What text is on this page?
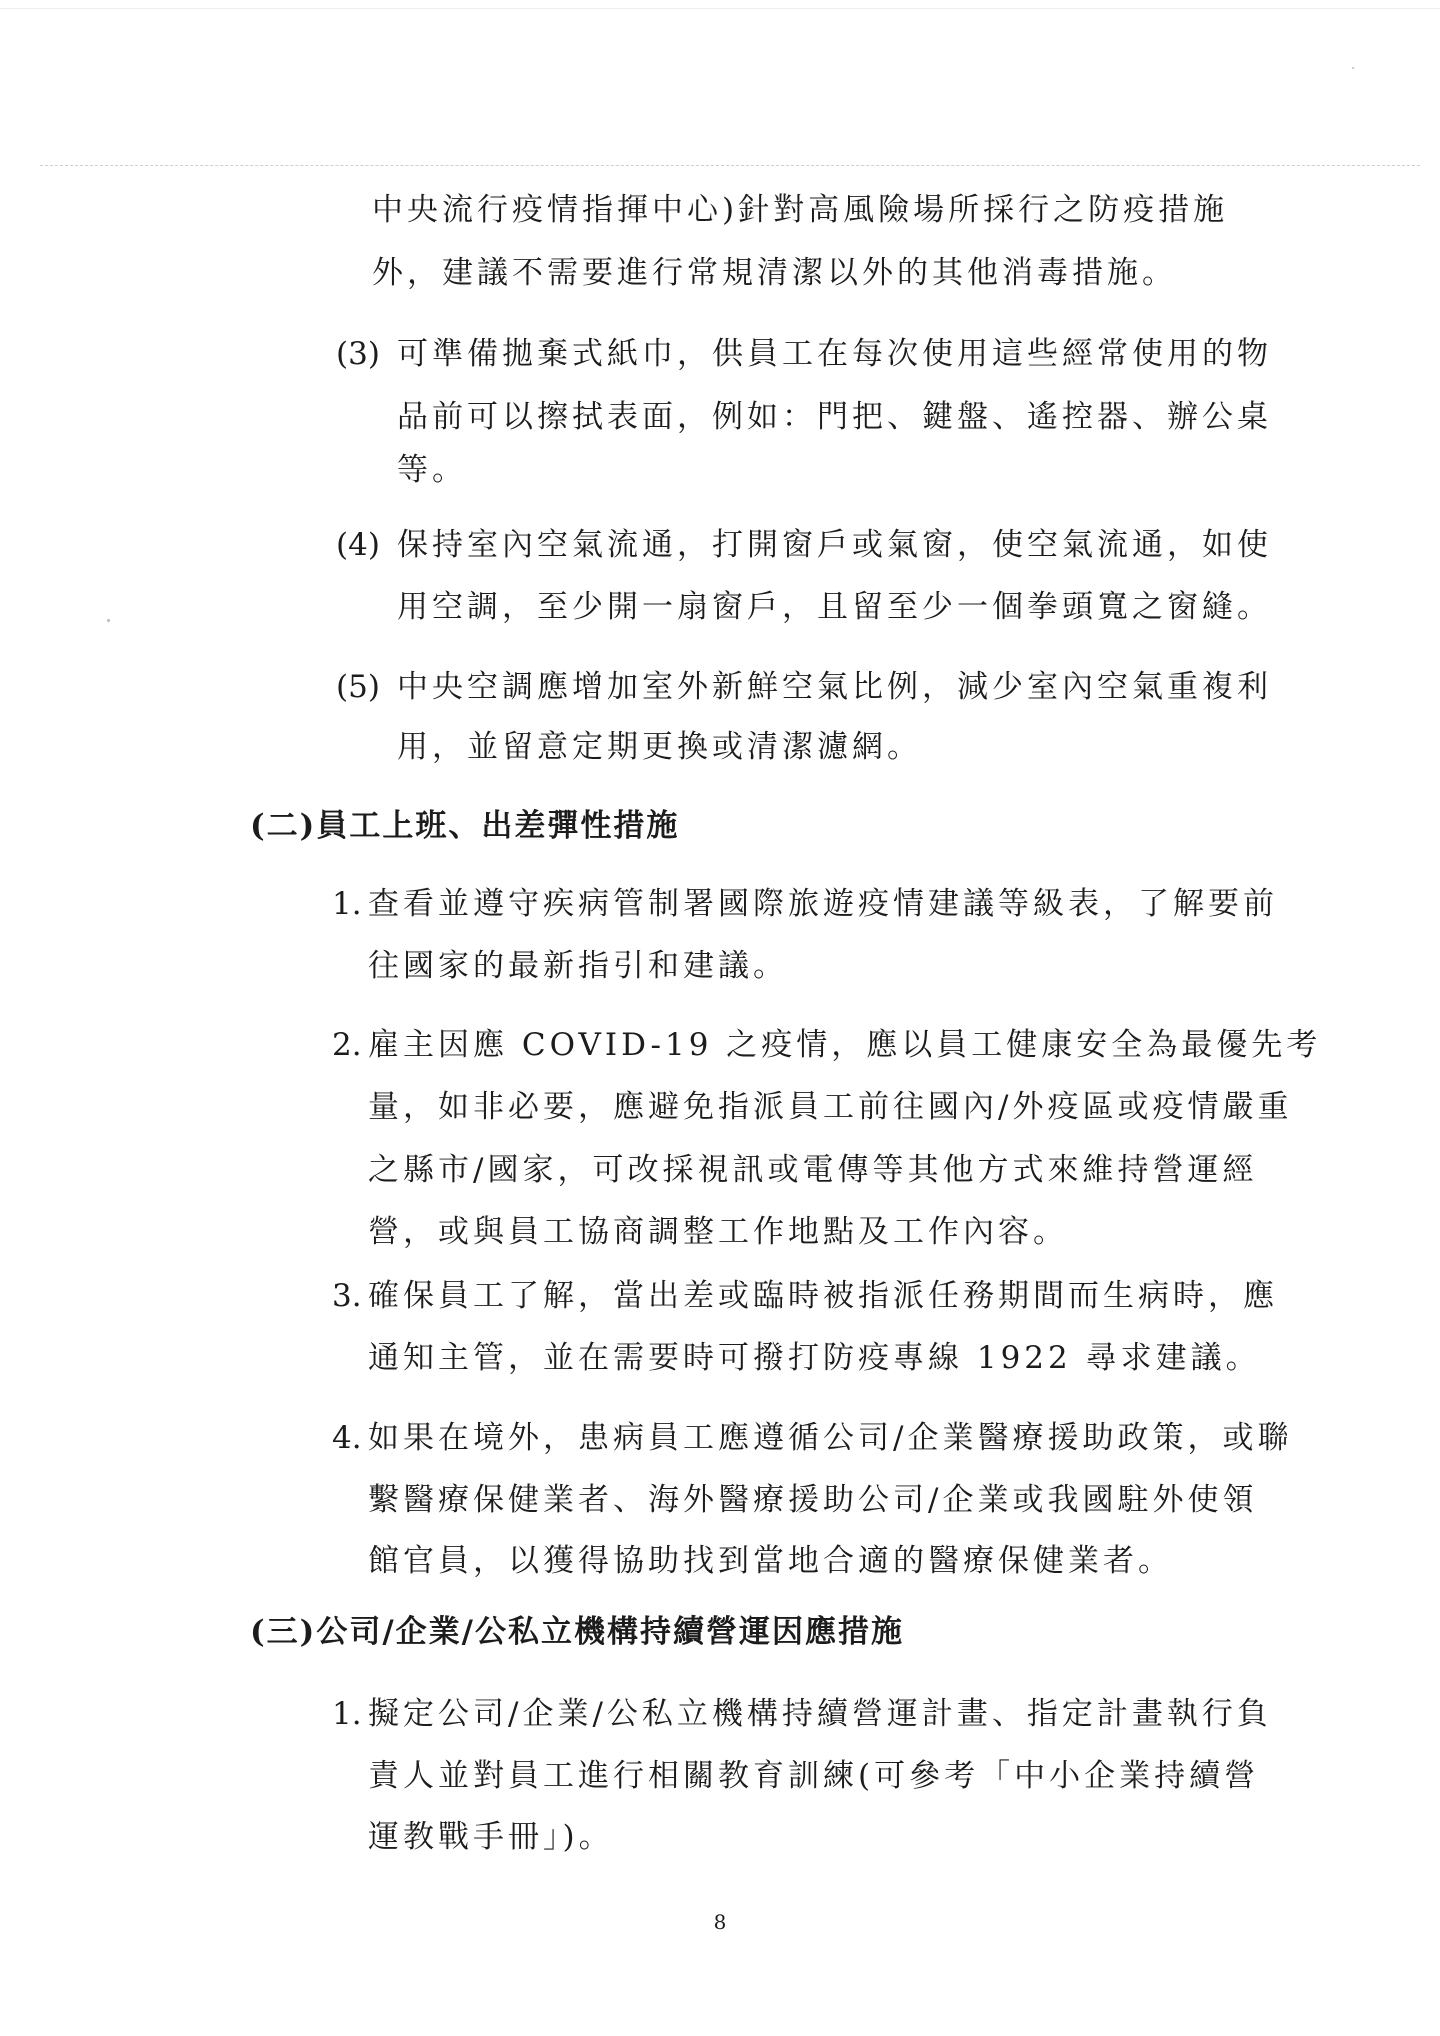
中央流行疫情指揮中心)針對高風險場所採行之防疫措施
外，建議不需要進行常規清潔以外的其他消毒措施。
(3) 可準備拋棄式紙巾，供員工在每次使用這些經常使用的物
品前可以擦拭表面，例如：門把、鍵盤、遙控器、辦公桌
等。
(4) 保持室內空氣流通，打開窗戶或氣窗，使空氣流通，如使
用空調，至少開一扇窗戶，且留至少一個拳頭寬之窗縫。
(5) 中央空調應增加室外新鮮空氣比例，減少室內空氣重複利
用，並留意定期更換或清潔濾網。
(二)員工上班、出差彈性措施
1. 查看並遵守疾病管制署國際旅遊疫情建議等級表，了解要前
往國家的最新指引和建議。
2. 雇主因應 COVID-19 之疫情，應以員工健康安全為最優先考
量，如非必要，應避免指派員工前往國內/外疫區或疫情嚴重
之縣市/國家，可改採視訊或電傳等其他方式來維持營運經
營，或與員工協商調整工作地點及工作內容。
3. 確保員工了解，當出差或臨時被指派任務期間而生病時，應
通知主管，並在需要時可撥打防疫專線 1922 尋求建議。
4. 如果在境外，患病員工應遵循公司/企業醫療援助政策，或聯
繫醫療保健業者、海外醫療援助公司/企業或我國駐外使領
館官員，以獲得協助找到當地合適的醫療保健業者。
(三)公司/企業/公私立機構持續營運因應措施
1. 擬定公司/企業/公私立機構持續營運計畫、指定計畫執行負
責人並對員工進行相關教育訓練(可參考「中小企業持續營
運教戰手冊」)。
8
